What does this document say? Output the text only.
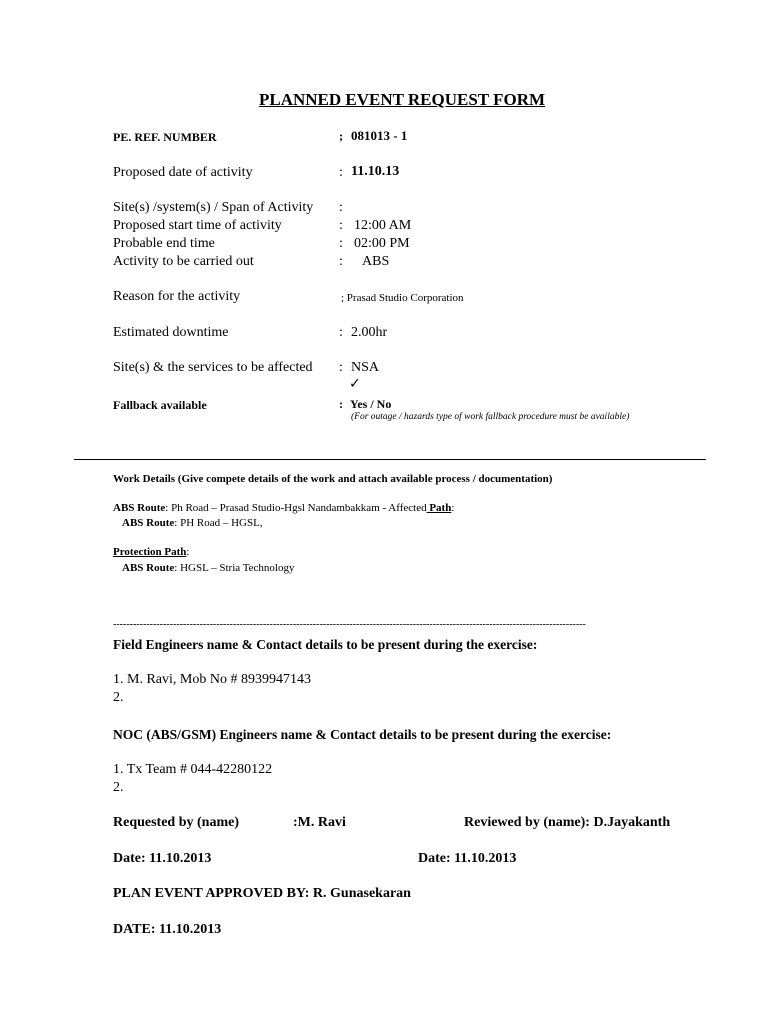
PLANNED EVENT REQUEST FORM
PE. REF. NUMBER	; 081013 - 1
Proposed date of activity	: 11.10.13
Site(s) /system(s) / Span of Activity :
Proposed start time of activity	: 12:00 AM
Probable end time	: 02:00 PM
Activity to be carried out	: ABS
Reason for the activity	; Prasad Studio Corporation
Estimated downtime	: 2.00hr
Site(s) & the services to be affected : NSA
✓
Fallback available	: Yes / No
(For outage / hazards type of work fallback procedure must be available)
Work Details (Give compete details of the work and attach available process / documentation)
ABS Route: Ph Road – Prasad Studio-Hgsl Nandambakkam - Affected Path:
ABS Route: PH Road – HGSL,
Protection Path:
ABS Route: HGSL – Stria Technology
----------------------------------------------------------------------------------------------------------------------------------------------
Field Engineers name & Contact details to be present during the exercise:
1. M. Ravi, Mob No # 8939947143
2.
NOC (ABS/GSM) Engineers name & Contact details to be present during the exercise:
1. Tx Team # 044-42280122
2.
Requested by (name)	:M. Ravi	Reviewed by (name): D.Jayakanth
Date: 11.10.2013	Date: 11.10.2013
PLAN EVENT APPROVED BY: R. Gunasekaran
DATE: 11.10.2013
